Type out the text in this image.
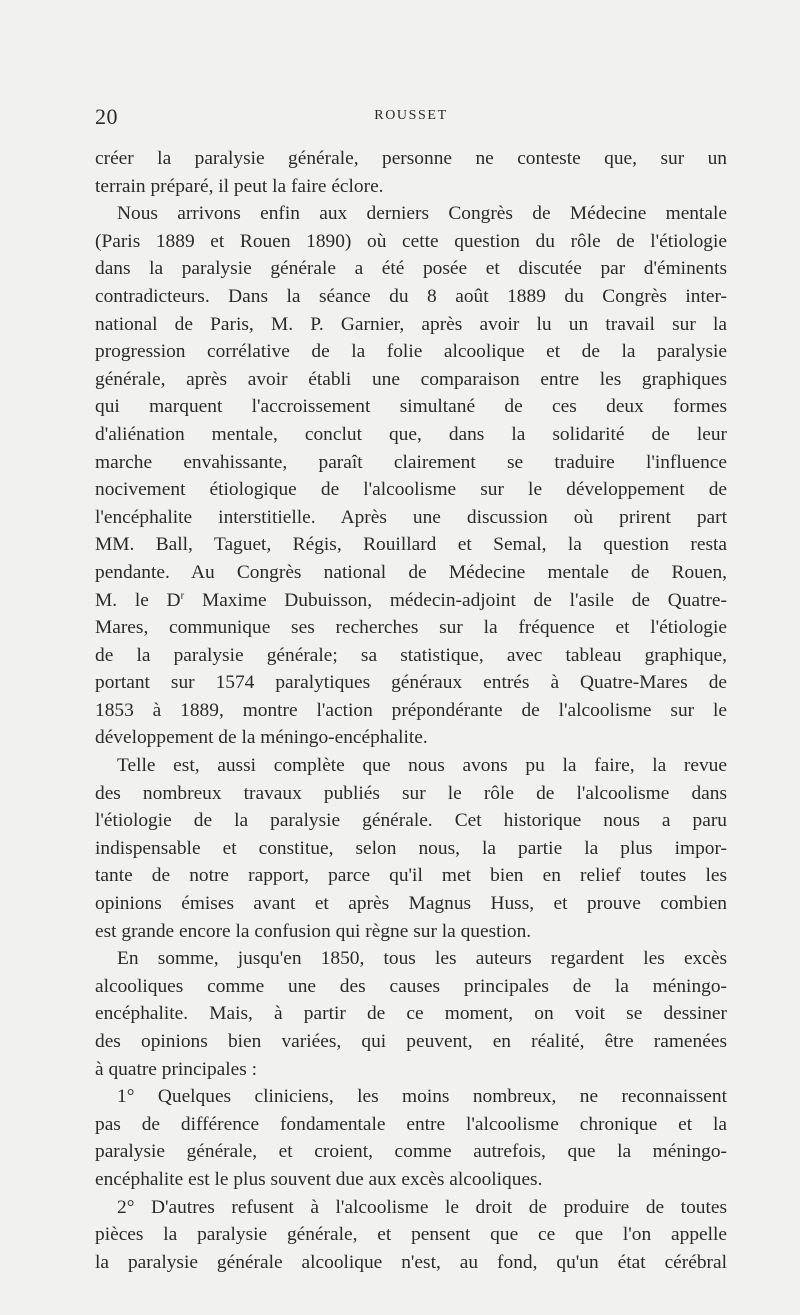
20	ROUSSET
créer la paralysie générale, personne ne conteste que, sur un
terrain préparé, il peut la faire éclore.
Nous arrivons enfin aux derniers Congrès de Médecine mentale
(Paris 1889 et Rouen 1890) où cette question du rôle de l'étiologie
dans la paralysie générale a été posée et discutée par d'éminents
contradicteurs. Dans la séance du 8 août 1889 du Congrès inter-
national de Paris, M. P. Garnier, après avoir lu un travail sur la
progression corrélative de la folie alcoolique et de la paralysie
générale, après avoir établi une comparaison entre les graphiques
qui marquent l'accroissement simultané de ces deux formes
d'aliénation mentale, conclut que, dans la solidarité de leur
marche envahissante, paraît clairement se traduire l'influence
nocivement étiologique de l'alcoolisme sur le développement de
l'encéphalite interstitielle. Après une discussion où prirent part
MM. Ball, Taguet, Régis, Rouillard et Semal, la question resta
pendante. Au Congrès national de Médecine mentale de Rouen,
M. le $D^r$ Maxime Dubuisson, médecin-adjoint de l'asile de Quatre-
Mares, communique ses recherches sur la fréquence et l'étiologie
de la paralysie générale; sa statistique, avec tableau graphique,
portant sur 1574 paralytiques généraux entrés à Quatre-Mares de
1853 à 1889, montre l'action prépondérante de l'alcoolisme sur le
développement de la méningo-encéphalite.
Telle est, aussi complète que nous avons pu la faire, la revue
des nombreux travaux publiés sur le rôle de l'alcoolisme dans
l'étiologie de la paralysie générale. Cet historique nous a paru
indispensable et constitue, selon nous, la partie la plus impor-
tante de notre rapport, parce qu'il met bien en relief toutes les
opinions émises avant et après Magnus Huss, et prouve combien
est grande encore la confusion qui règne sur la question.
En somme, jusqu'en 1850, tous les auteurs regardent les excès
alcooliques comme une des causes principales de la méningo-
encéphalite. Mais, à partir de ce moment, on voit se dessiner
des opinions bien variées, qui peuvent, en réalité, être ramenées
à quatre principales :
1° Quelques cliniciens, les moins nombreux, ne reconnaissent
pas de différence fondamentale entre l'alcoolisme chronique et la
paralysie générale, et croient, comme autrefois, que la méningo-
encéphalite est le plus souvent due aux excès alcooliques.
2° D'autres refusent à l'alcoolisme le droit de produire de toutes
pièces la paralysie générale, et pensent que ce que l'on appelle
la paralysie générale alcoolique n'est, au fond, qu'un état cérébral
